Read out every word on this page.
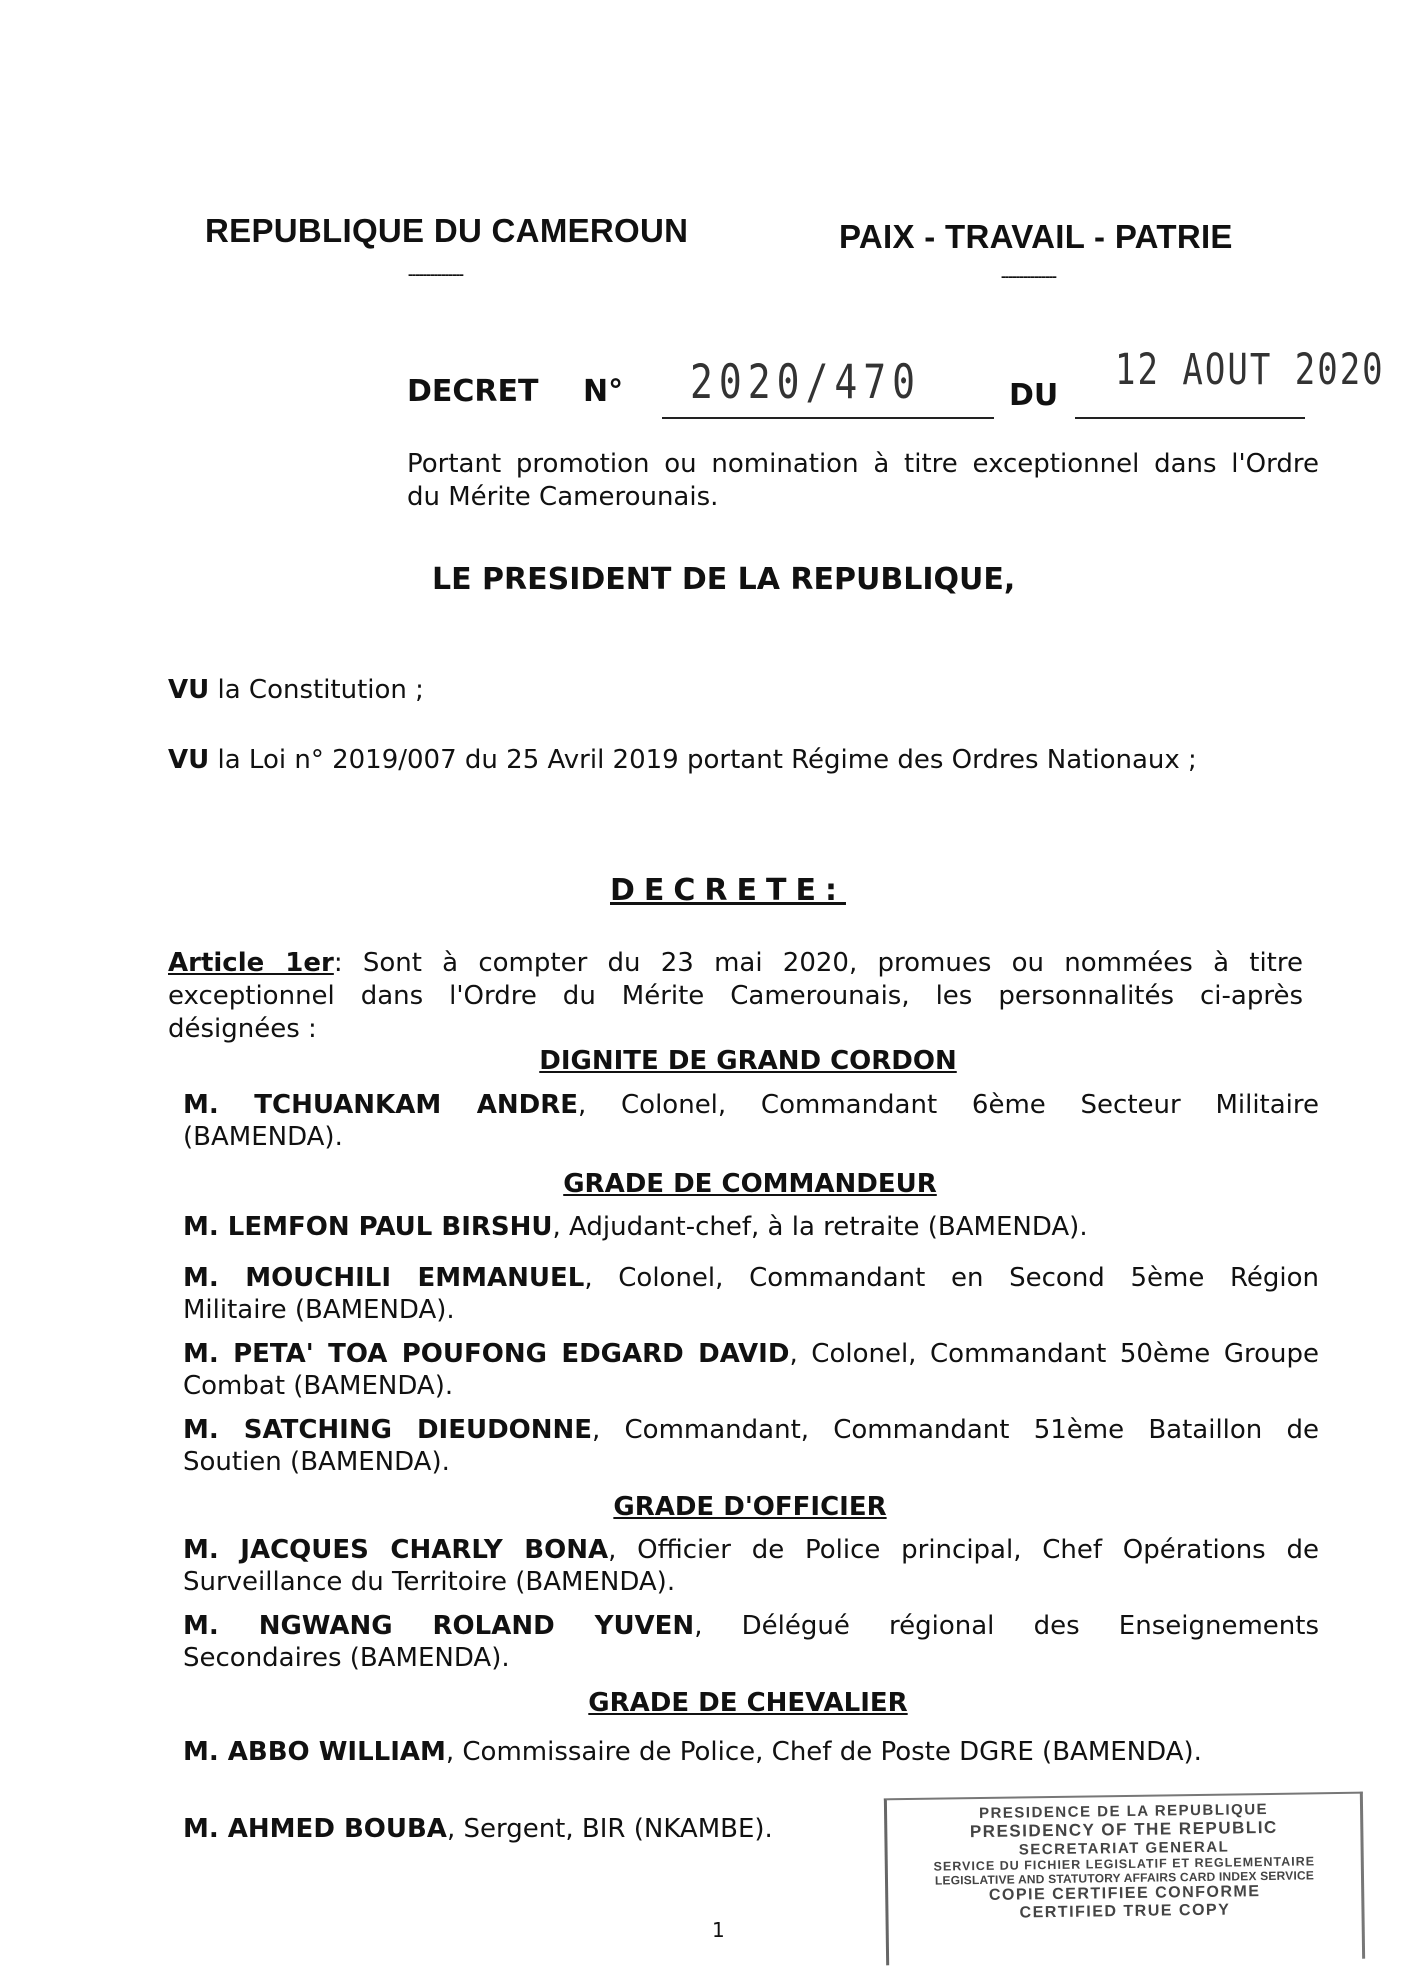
REPUBLIQUE DU CAMEROUN
---------------
PAIX - TRAVAIL - PATRIE
---------------
DECRET N° 2020/470	DU
12 AOUT 2020
Portant promotion ou nomination à titre exceptionnel dans l'Ordre
du Mérite Camerounais.
LE PRESIDENT DE LA REPUBLIQUE,
VU la Constitution ;
VU la Loi n° 2019/007 du 25 Avril 2019 portant Régime des Ordres Nationaux ;
DECRETE:
Article 1er: Sont à compter du 23 mai 2020, promues ou nommées à titre
exceptionnel dans l'Ordre du Mérite Camerounais, les personnalités ci-après
désignées :
DIGNITE DE GRAND CORDON
M. TCHUANKAM ANDRE, Colonel, Commandant 6ème Secteur Militaire
(BAMENDA).
GRADE DE COMMANDEUR
M. LEMFON PAUL BIRSHU, Adjudant-chef, à la retraite (BAMENDA).
M. MOUCHILI EMMANUEL, Colonel, Commandant en Second 5ème Région
Militaire (BAMENDA).
M. PETA' TOA POUFONG EDGARD DAVID, Colonel, Commandant 50ème Groupe
Combat (BAMENDA).
M. SATCHING DIEUDONNE, Commandant, Commandant 51ème Bataillon de
Soutien (BAMENDA).
GRADE D'OFFICIER
M. JACQUES CHARLY BONA, Officier de Police principal, Chef Opérations de
Surveillance du Territoire (BAMENDA).
M. NGWANG ROLAND YUVEN, Délégué régional des Enseignements
Secondaires (BAMENDA).
GRADE DE CHEVALIER
M. ABBO WILLIAM, Commissaire de Police, Chef de Poste DGRE (BAMENDA).
M. AHMED BOUBA, Sergent, BIR (NKAMBE).
PRESIDENCE DE LA REPUBLIQUE
PRESIDENCY OF THE REPUBLIC
SECRETARIAT GENERAL
SERVICE DU FICHIER LEGISLATIF ET REGLEMENTAIRE
LEGISLATIVE AND STATUTORY AFFAIRS CARD INDEX SERVICE
COPIE CERTIFIEE CONFORME
CERTIFIED TRUE COPY
1
